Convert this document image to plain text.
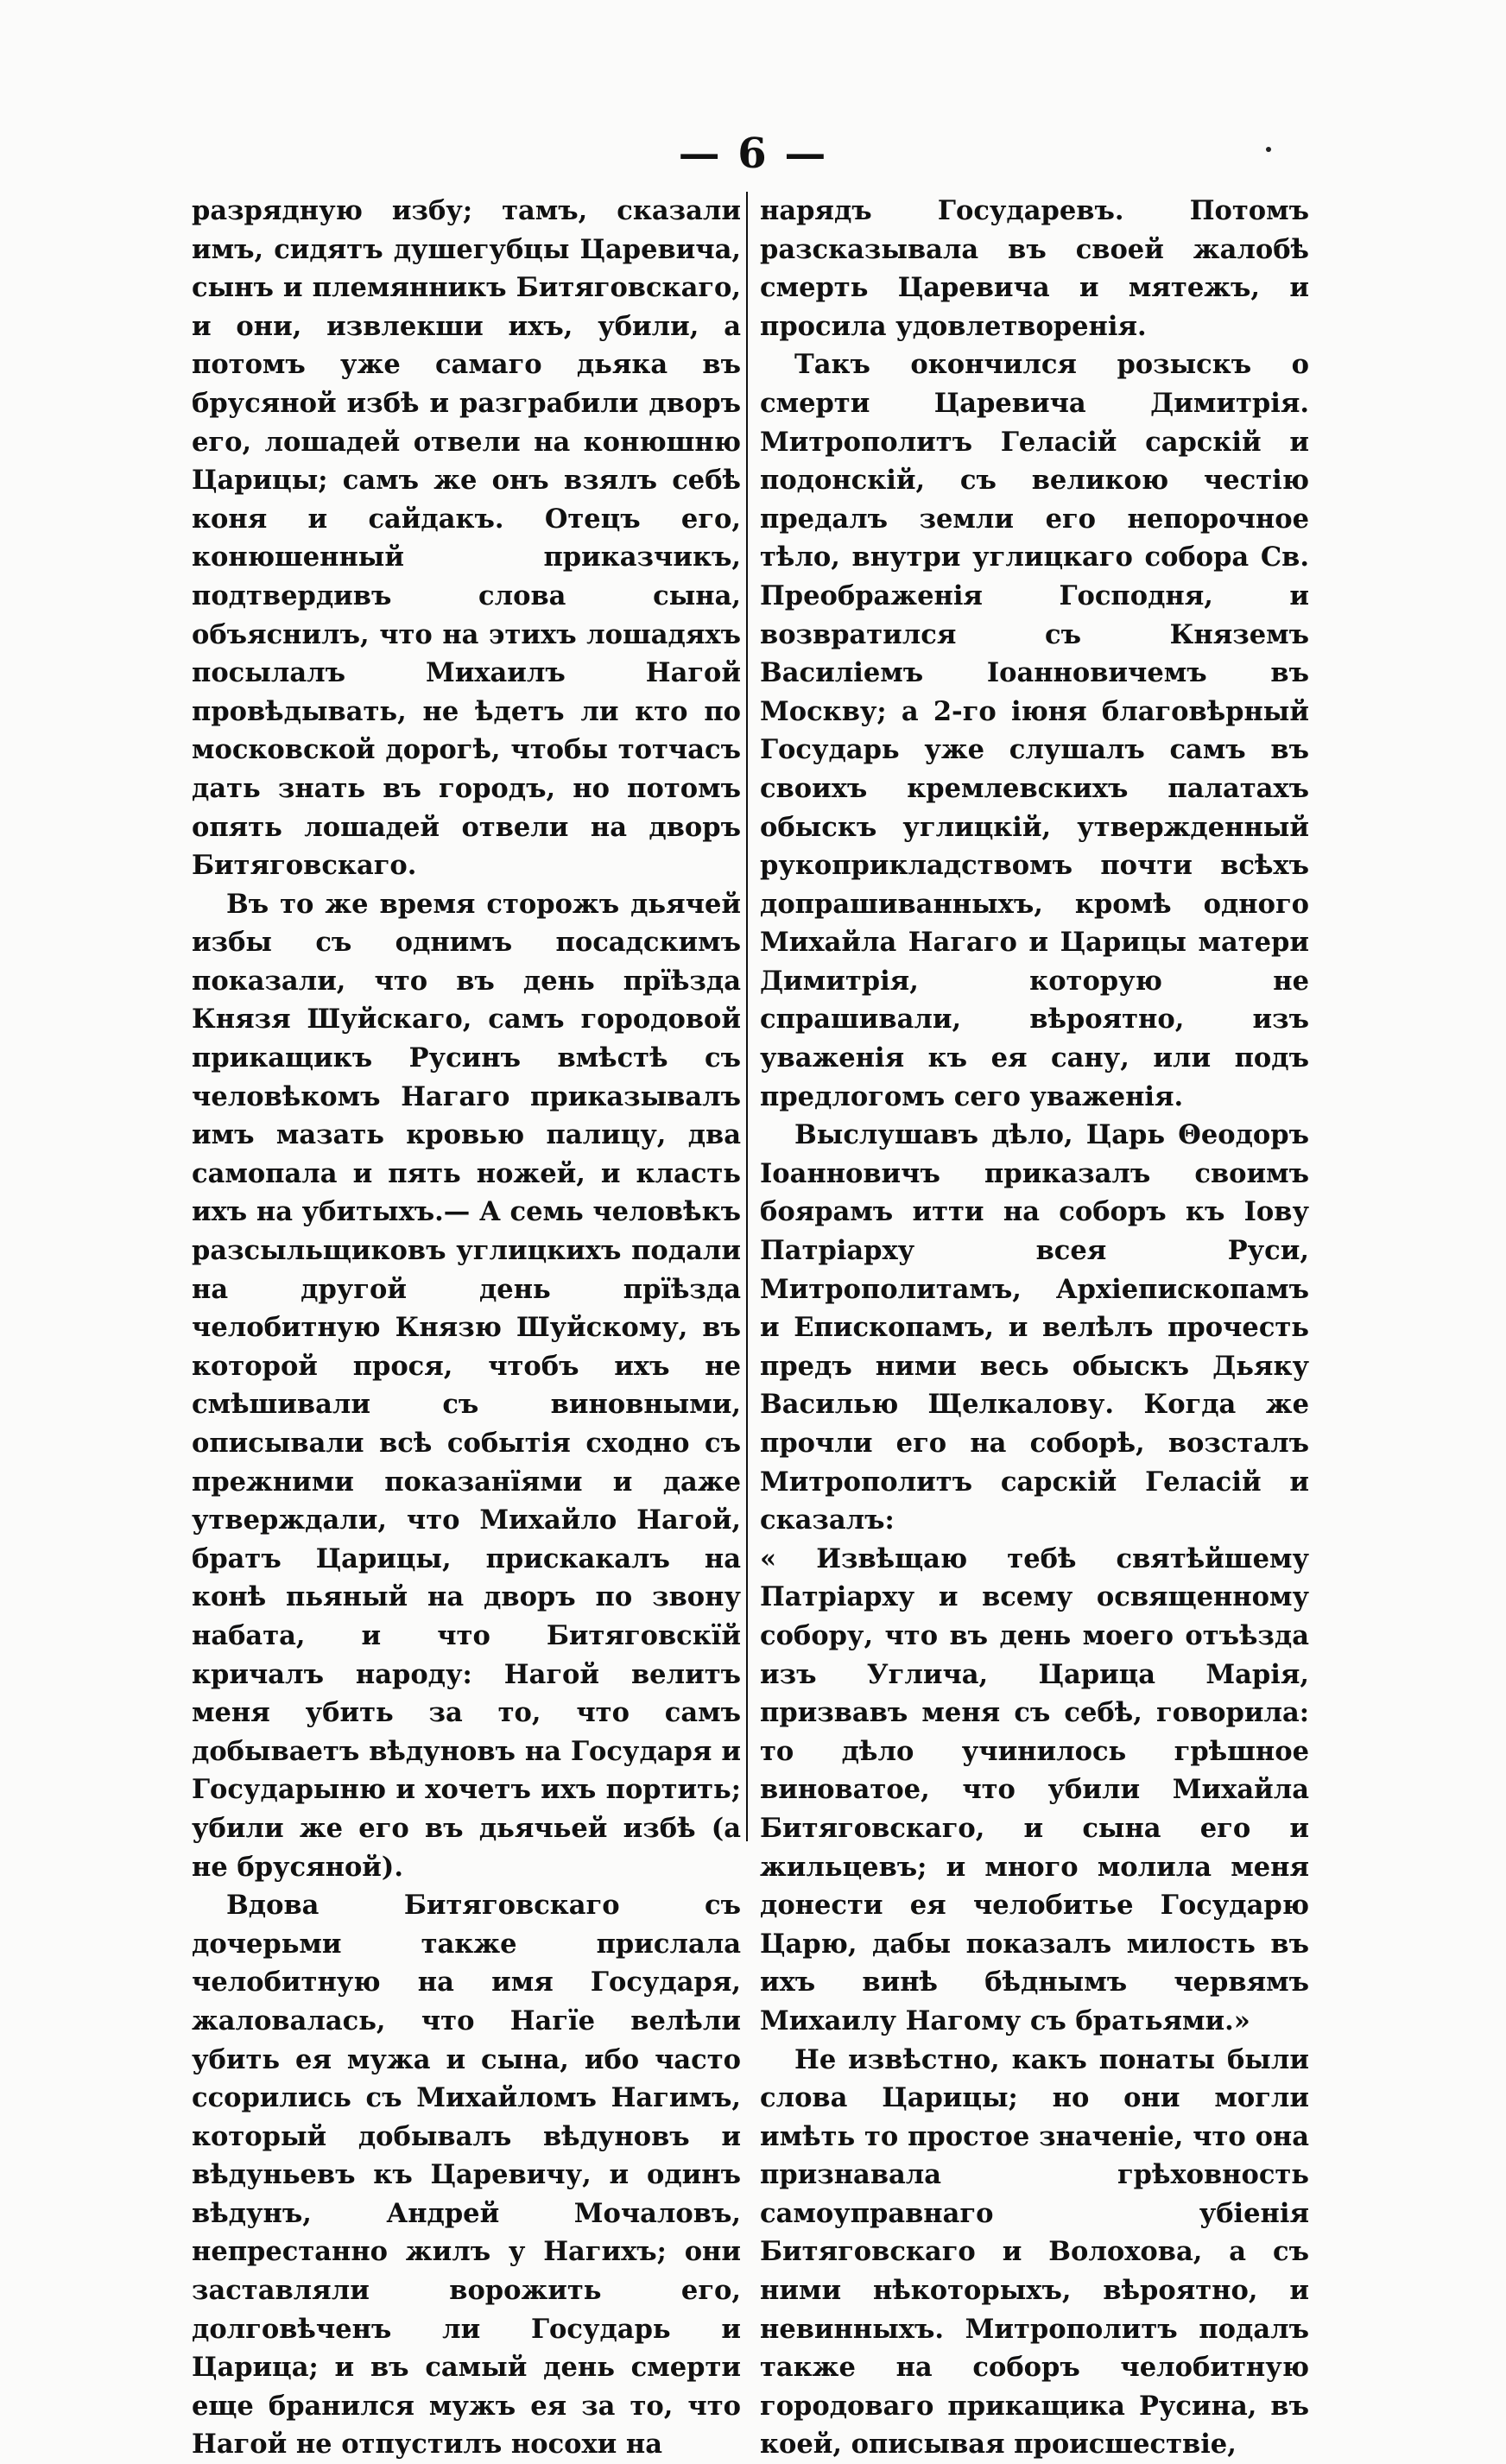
— 6 —

разрядную избу; тамъ, сказали имъ, сидятъ душегубцы Царевича, сынъ и племянникъ Битяговскаго, и они, извлекши ихъ, убили, а потомъ уже самаго дьяка въ брусяной избѣ и разграбили дворъ его, лошадей отвели на конюшню Царицы; самъ же онъ взялъ себѣ коня и сайдакъ. Отецъ его, конюшенный приказчикъ, подтвердивъ слова сына, объяснилъ, что на этихъ лошадяхъ посылалъ Михаилъ Нагой провѣдывать, не ѣдетъ ли кто по московской дорогѣ, чтобы тотчасъ дать знать въ городъ, но потомъ опять лошадей отвели на дворъ Битяговскаго.

Въ то же время сторожъ дьячей избы съ однимъ посадскимъ показали, что въ день прїѣзда Князя Шуйскаго, самъ городовой прикащикъ Русинъ вмѣстѣ съ человѣкомъ Нагаго приказывалъ имъ мазать кровью палицу, два самопала и пять ножей, и класть ихъ на убитыхъ.— А семь человѣкъ разсыльщиковъ углицкихъ подали на другой день прїѣзда челобитную Князю Шуйскому, въ которой прося, чтобъ ихъ не смѣшивали съ виновными, описывали всѣ событія сходно съ прежними показанїями и даже утверждали, что Михайло Нагой, братъ Царицы, прискакалъ на конѣ пьяный на дворъ по звону набата, и что Битяговскїй кричалъ народу: Нагой велитъ меня убить за то, что самъ добываетъ вѣдуновъ на Государя и Государыню и хочетъ ихъ портить; убили же его въ дьячьей избѣ (а не брусяной).

Вдова Битяговскаго съ дочерьми также прислала челобитную на имя Государя, жаловалась, что Нагїе велѣли убить ея мужа и сына, ибо часто ссорились съ Михайломъ Нагимъ, который добывалъ вѣдуновъ и вѣдуньевъ къ Царевичу, и одинъ вѣдунъ, Андрей Мочаловъ, непрестанно жилъ у Нагихъ; они заставляли ворожить его, долговѣченъ ли Государь и Царица; и въ самый день смерти еще бранился мужъ ея за то, что Нагой не отпустилъ носохи на

нарядъ Государевъ. Потомъ разсказывала въ своей жалобѣ смерть Царевича и мятежъ, и просила удовлетворенія.

Такъ окончился розыскъ о смерти Царевича Димитрія. Митрополитъ Геласій сарскій и подонскій, съ великою честію предалъ земли его непорочное тѣло, внутри углицкаго собора Св. Преображенія Господня, и возвратился съ Княземъ Василіемъ Іоанновичемъ въ Москву; а 2-го іюня благовѣрный Государь уже слушалъ самъ въ своихъ кремлевскихъ палатахъ обыскъ углицкій, утвержденный рукоприкладствомъ почти всѣхъ допрашиванныхъ, кромѣ одного Михайла Нагаго и Царицы матери Димитрія, которую не спрашивали, вѣроятно, изъ уваженія къ ея сану, или подъ предлогомъ сего уваженія.

Выслушавъ дѣло, Царь Θеодоръ Іоанновичъ приказалъ своимъ боярамъ итти на соборъ къ Іову Патріарху всея Руси, Митрополитамъ, Архіепископамъ и Епископамъ, и велѣлъ прочесть предъ ними весь обыскъ Дьяку Василью Щелкалову. Когда же прочли его на соборѣ, возсталъ Митрополитъ сарскій Геласій и сказалъ:

« Извѣщаю тебѣ святѣйшему Патріарху и всему освященному собору, что въ день моего отъѣзда изъ Углича, Царица Марія, призвавъ меня съ себѣ, говорила: то дѣло учинилось грѣшное виноватое, что убили Михайла Битяговскаго, и сына его и жильцевъ; и много молила меня донести ея челобитье Государю Царю, дабы показалъ милость въ ихъ винѣ бѣднымъ червямъ Михаилу Нагому съ братьями.»

Не извѣстно, какъ понаты были слова Царицы; но они могли имѣть то простое значеніе, что она признавала грѣховность самоуправнаго убіенія Битяговскаго и Волохова, а съ ними нѣкоторыхъ, вѣроятно, и невинныхъ. Митрополитъ подалъ также на соборъ челобитную городоваго прикащика Русина, въ коей, описывая происшествіе,
